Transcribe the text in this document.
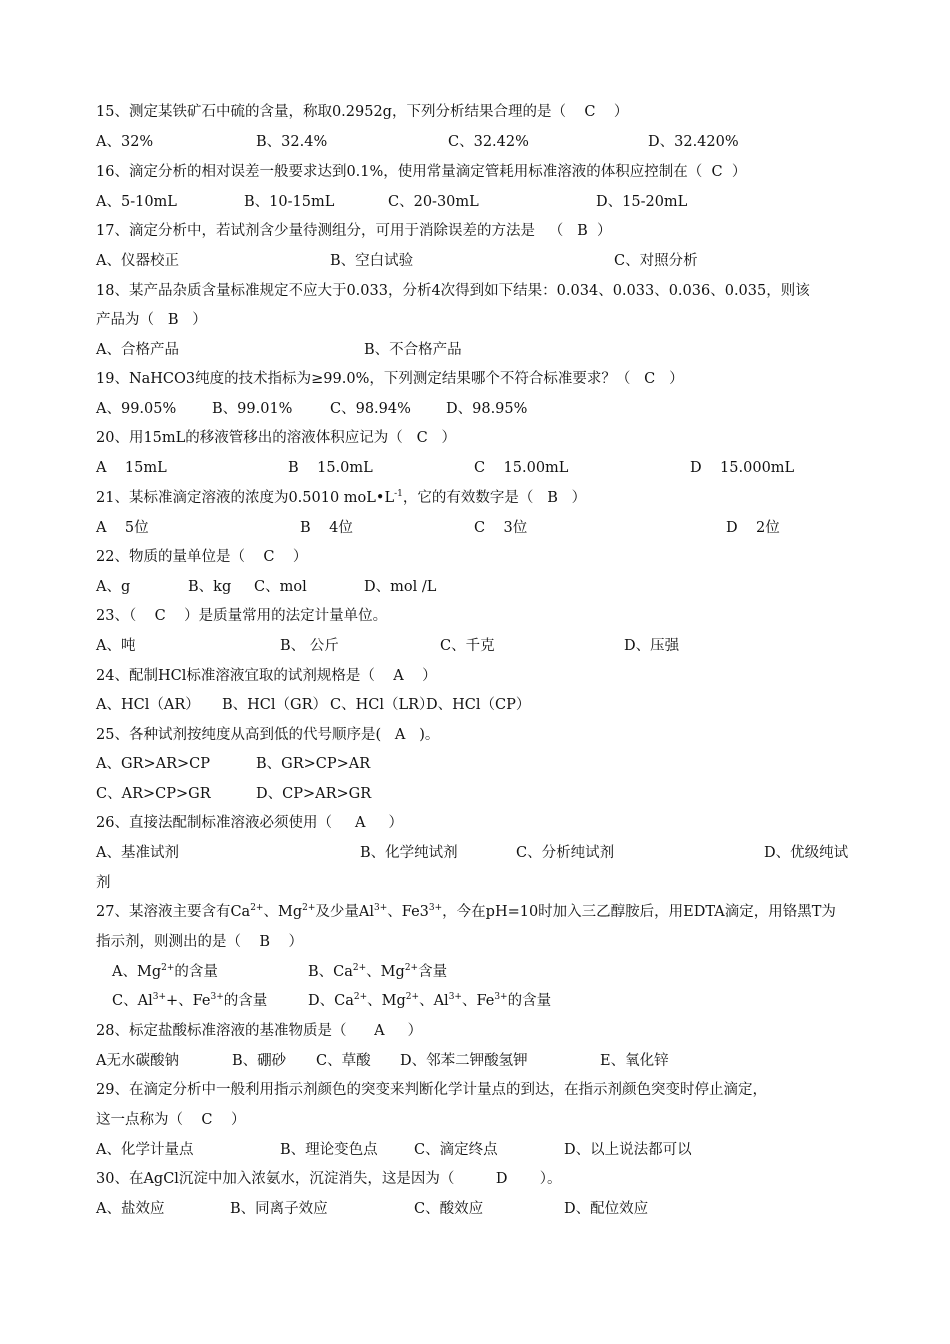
15、测定某铁矿石中硫的含量，称取0.2952g，下列分析结果合理的是（    C    ）

A、32%

	B、32.4%

	C、32.42%

	D、32.420%

16、滴定分析的相对误差一般要求达到0.1%，使用常量滴定管耗用标准溶液的体积应控制在（  C  ）

A、5-10mL

	B、10-15mL

	C、20-30mL

	D、15-20mL

17、滴定分析中，若试剂含少量待测组分，可用于消除误差的方法是   （   B  ）

A、仪器校正

	B、空白试验

	C、对照分析

18、某产品杂质含量标准规定不应大于0.033，分析4次得到如下结果：0.034、0.033、0.036、0.035，则该
产品为（   B   ）

A、合格产品

	B、不合格产品

19、NaHCO3纯度的技术指标为≥99.0%，下列测定结果哪个不符合标准要求？（   C   ）

A、99.05%

B、99.01%

	C、98.94%

D、98.95%

20、用15mL的移液管移出的溶液体积应记为（   C   ）

A    15mL

	B    15.0mL

	C    15.00mL

	D    15.000mL

21、某标准滴定溶液的浓度为0.5010 $moL•L^{-1}$，它的有效数字是（   B   ）

A    5位

	B    4位

	C    3位

	D    2位

22、物质的量单位是（    C    ）

A、g

	B、kg

C、mol

	D、mol /L

23、（    C    ）是质量常用的法定计量单位。

A、吨

	B、 公斤

	C、千克

	D、压强

24、配制HCl标准溶液宜取的试剂规格是（    A    ）

A、HCl（AR）

B、HCl（GR）

C、HCl（LR）

D、HCl（CP）

25、各种试剂按纯度从高到低的代号顺序是(   A   )。

A、GR>AR>CP

	B、GR>CP>AR

C、AR>CP>GR

	D、CP>AR>GR

26、直接法配制标准溶液必须使用（     A     ）

A、基准试剂

	B、化学纯试剂

	C、分析纯试剂

	D、优级纯试

剂
27、某溶液主要含有$Ca^{2+}$、$Mg^{2+}$及少量$Al^{3+}$、$Fe3^{3+}$，今在pH=10时加入三乙醇胺后，用EDTA滴定，用铬黑T为
指示剂，则测出的是（    B    ）

A、$Mg^{2+}$的含量

	B、$Ca^{2+}$、$Mg^{2+}$含量

C、$Al^{3+}+$、$Fe^{3+}$的含量

	D、$Ca^{2+}$、$Mg^{2+}$、$Al^{3+}$、$Fe^{3+}$的含量

28、标定盐酸标准溶液的基准物质是（      A     ）

A无水碳酸钠

	B、硼砂

C、草酸

D、邻苯二钾酸氢钾

	E、氧化锌

29、在滴定分析中一般利用指示剂颜色的突变来判断化学计量点的到达，在指示剂颜色突变时停止滴定，
这一点称为（    C    ）

A、化学计量点

	B、理论变色点

	C、滴定终点

	D、以上说法都可以

30、在AgCl沉淀中加入浓氨水，沉淀消失，这是因为（         D       ）。

A、盐效应

	B、同离子效应

	C、酸效应

	D、配位效应
